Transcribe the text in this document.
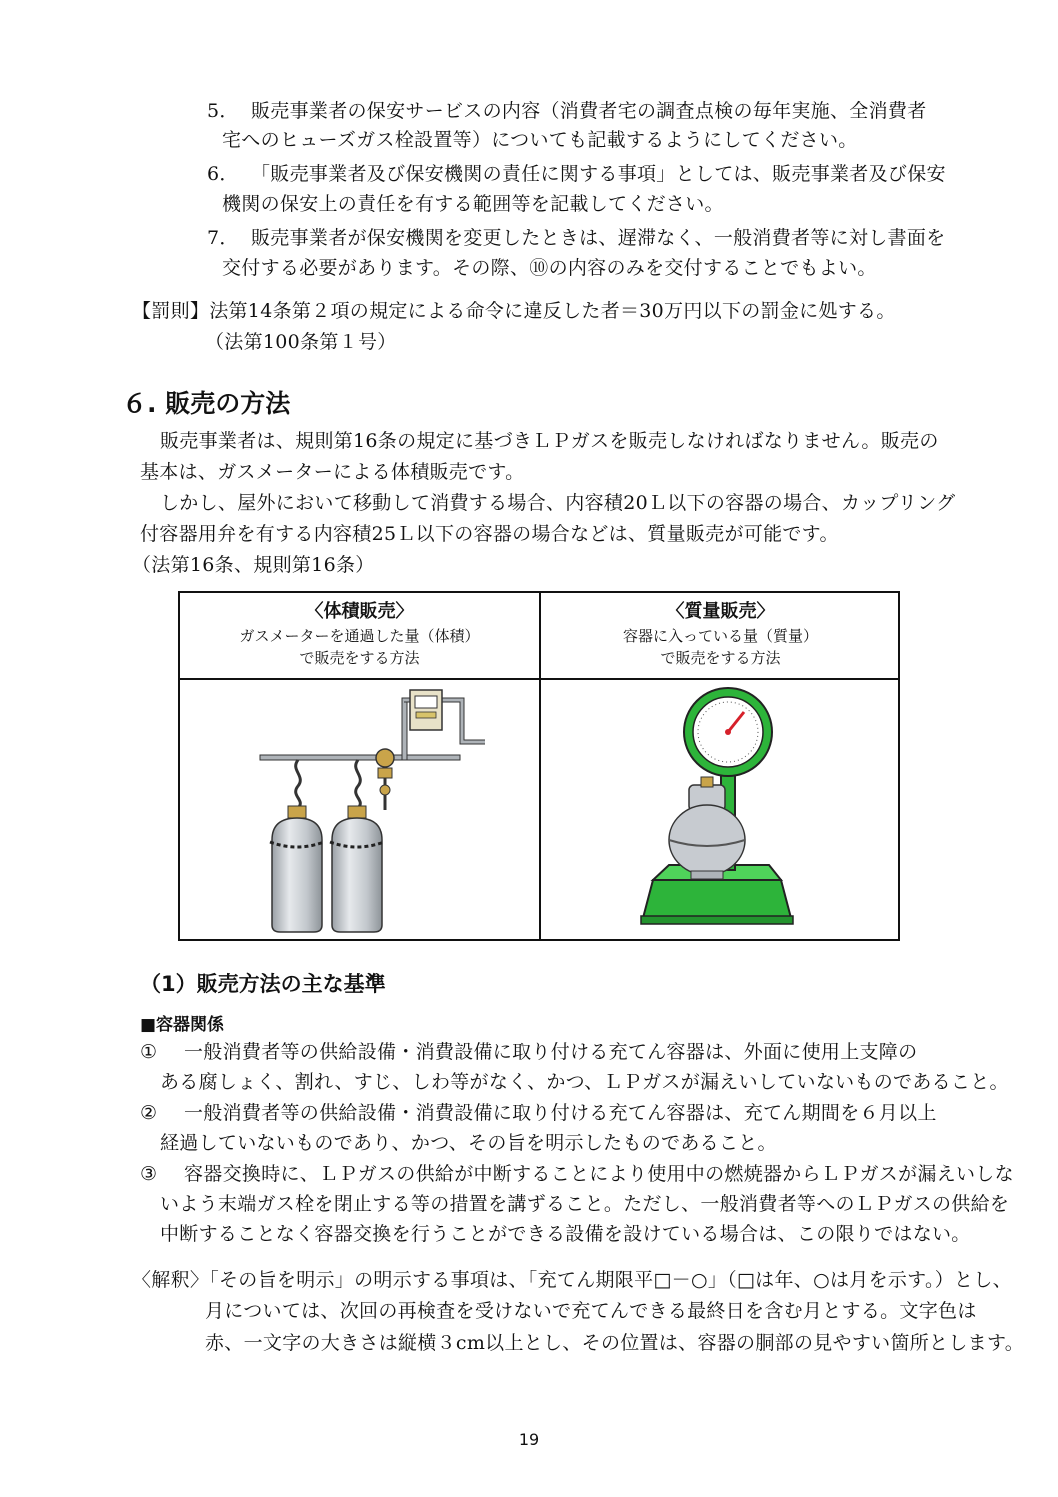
5． 販売事業者の保安サービスの内容（消費者宅の調査点検の毎年実施、全消費者
宅へのヒューズガス栓設置等）についても記載するようにしてください。
6． 「販売事業者及び保安機関の責任に関する事項」としては、販売事業者及び保安
機関の保安上の責任を有する範囲等を記載してください。
7． 販売事業者が保安機関を変更したときは、遅滞なく、一般消費者等に対し書面を
交付する必要があります。その際、⑩の内容のみを交付することでもよい。
【罰則】法第14条第２項の規定による命令に違反した者＝30万円以下の罰金に処する。
（法第100条第１号）
６. 販売の方法
販売事業者は、規則第16条の規定に基づきＬＰガスを販売しなければなりません。販売の
基本は、ガスメーターによる体積販売です。
しかし、屋外において移動して消費する場合、内容積20Ｌ以下の容器の場合、カップリング
付容器用弁を有する内容積25Ｌ以下の容器の場合などは、質量販売が可能です。
（法第16条、規則第16条）
〈体積販売〉
ガスメーターを通過した量（体積）
で販売をする方法
〈質量販売〉
容器に入っている量（質量）
で販売をする方法
（1）販売方法の主な基準
■容器関係
① 一般消費者等の供給設備・消費設備に取り付ける充てん容器は、外面に使用上支障の
ある腐しょく、割れ、すじ、しわ等がなく、かつ、ＬＰガスが漏えいしていないものであること。
② 一般消費者等の供給設備・消費設備に取り付ける充てん容器は、充てん期間を６月以上
経過していないものであり、かつ、その旨を明示したものであること。
③ 容器交換時に、ＬＰガスの供給が中断することにより使用中の燃焼器からＬＰガスが漏えいしな
いよう末端ガス栓を閉止する等の措置を講ずること。ただし、一般消費者等へのＬＰガスの供給を
中断することなく容器交換を行うことができる設備を設けている場合は、この限りではない。
〈解釈〉「その旨を明示」の明示する事項は、「充てん期限平□－○」（□は年、○は月を示す。）とし、
月については、次回の再検査を受けないで充てんできる最終日を含む月とする。文字色は
赤、一文字の大きさは縦横３cm以上とし、その位置は、容器の胴部の見やすい箇所とします。
19
